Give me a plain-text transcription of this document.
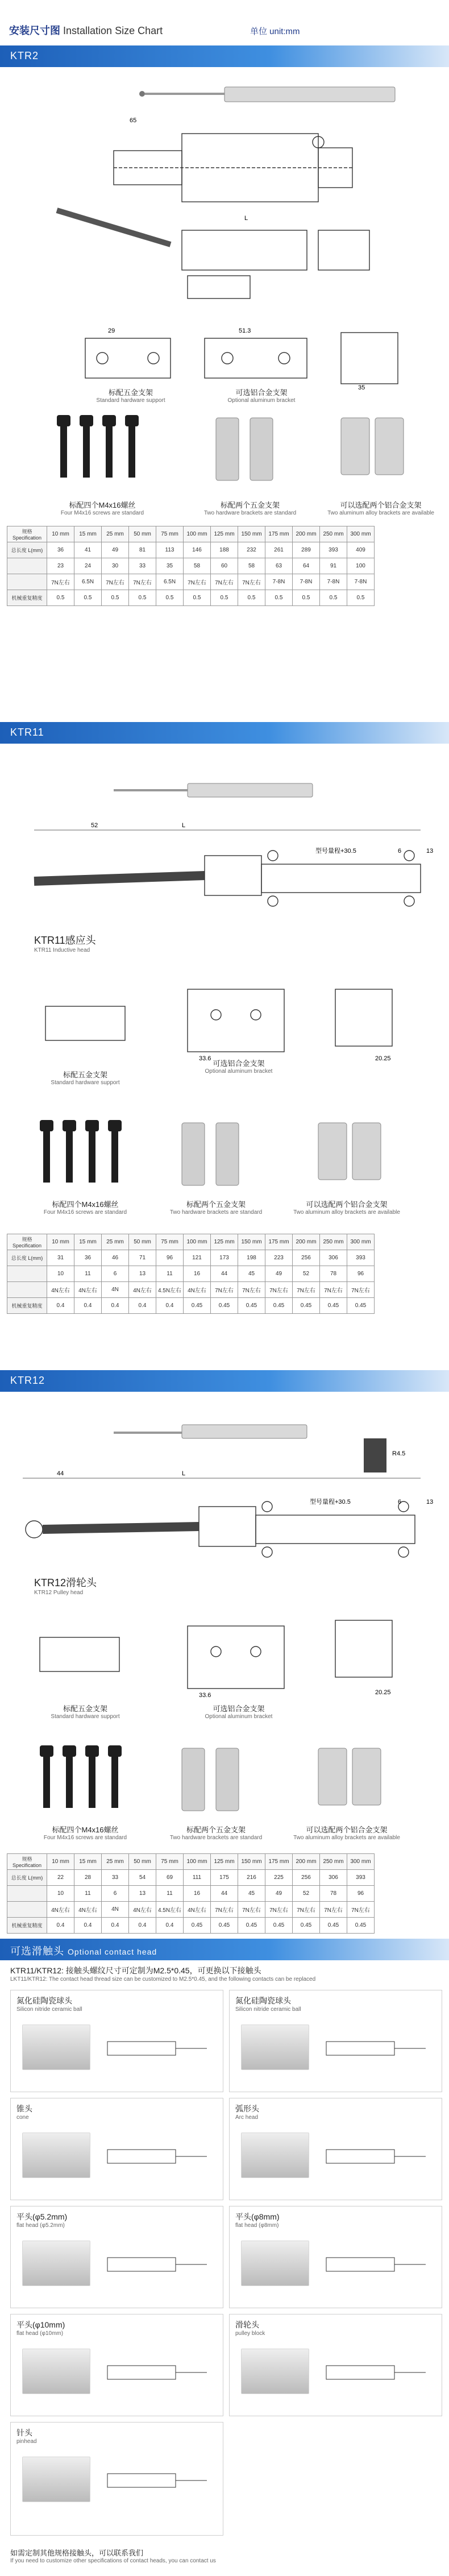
安装尺寸图 Installation Size Chart	单位 unit:mm
KTR2
65
L
29	51.3
35
标配五金支架
Standard hardware support
可选铝合金支架
Optional aluminum bracket
标配四个M4x16螺丝
Four M4x16 screws are standard
标配两个五金支架
Two hardware brackets are standard
可以选配两个铝合金支架
Two aluminum alloy brackets are available
规格 Specification	10 mm	15 mm	25 mm	50 mm	75 mm	100 mm	125 mm	150 mm	175 mm	200 mm	250 mm	300 mm
总长度 L(mm)	36	41	49	81	113	146	188	232	261	289	393	409
	23	24	30	33	35	58	60	58	63	64	91	100
	7N左右	6.5N	7N左右	7N左右	6.5N	7N左右	7N左右	7N左右	7-8N	7-8N	7-8N	7-8N
机械重复精度	0.5	0.5	0.5	0.5	0.5	0.5	0.5	0.5	0.5	0.5	0.5	0.5
KTR11
52	L
型号量程+30.5	6	13
33.6	20.25
KTR11感应头
KTR11 Inductive head
标配五金支架
Standard hardware support
可选铝合金支架
Optional aluminum bracket
标配四个M4x16螺丝
Four M4x16 screws are standard
标配两个五金支架
Two hardware brackets are standard
可以选配两个铝合金支架
Two aluminum alloy brackets are available
规格 Specification	10 mm	15 mm	25 mm	50 mm	75 mm	100 mm	125 mm	150 mm	175 mm	200 mm	250 mm	300 mm
总长度 L(mm)	31	36	46	71	96	121	173	198	223	256	306	393
	10	11	6	13	11	16	44	45	49	52	78	96
	4N左右	4N左右	4N	4N左右	4.5N左右	4N左右	7N左右	7N左右	7N左右	7N左右	7N左右	7N左右
机械重复精度	0.4	0.4	0.4	0.4	0.4	0.45	0.45	0.45	0.45	0.45	0.45	0.45
KTR12
44	L
型号量程+30.5	6	13
R4.5
33.6	20.25
KTR12滑轮头
KTR12 Pulley head
标配五金支架
Standard hardware support
可选铝合金支架
Optional aluminum bracket
标配四个M4x16螺丝
Four M4x16 screws are standard
标配两个五金支架
Two hardware brackets are standard
可以选配两个铝合金支架
Two aluminum alloy brackets are available
规格 Specification	10 mm	15 mm	25 mm	50 mm	75 mm	100 mm	125 mm	150 mm	175 mm	200 mm	250 mm	300 mm
总长度 L(mm)	22	28	33	54	69	111	175	216	225	256	306	393
	10	11	6	13	11	16	44	45	49	52	78	96
	4N左右	4N左右	4N	4N左右	4.5N左右	4N左右	7N左右	7N左右	7N左右	7N左右	7N左右	7N左右
机械重复精度	0.4	0.4	0.4	0.4	0.4	0.45	0.45	0.45	0.45	0.45	0.45	0.45
可选滑触头 Optional contact head
KTR11/KTR12: 接触头螺纹尺寸可定制为M2.5*0.45，可更换以下接触头
LKT11/KTR12: The contact head thread size can be customized to M2.5*0.45, and the following contacts can be replaced
氮化硅陶瓷球头
Silicon nitride ceramic ball
氮化硅陶瓷球头
Silicon nitride ceramic ball
锥头
cone
弧形头
Arc head
平头(φ5.2mm)
flat head (φ5.2mm)
平头(φ8mm)
flat head (φ8mm)
平头(φ10mm)
flat head (φ10mm)
滑轮头
pulley block
针头
pinhead
如需定制其他规格接触头，可以联系我们
If you need to customize other specifications of contact heads, you can contact us
